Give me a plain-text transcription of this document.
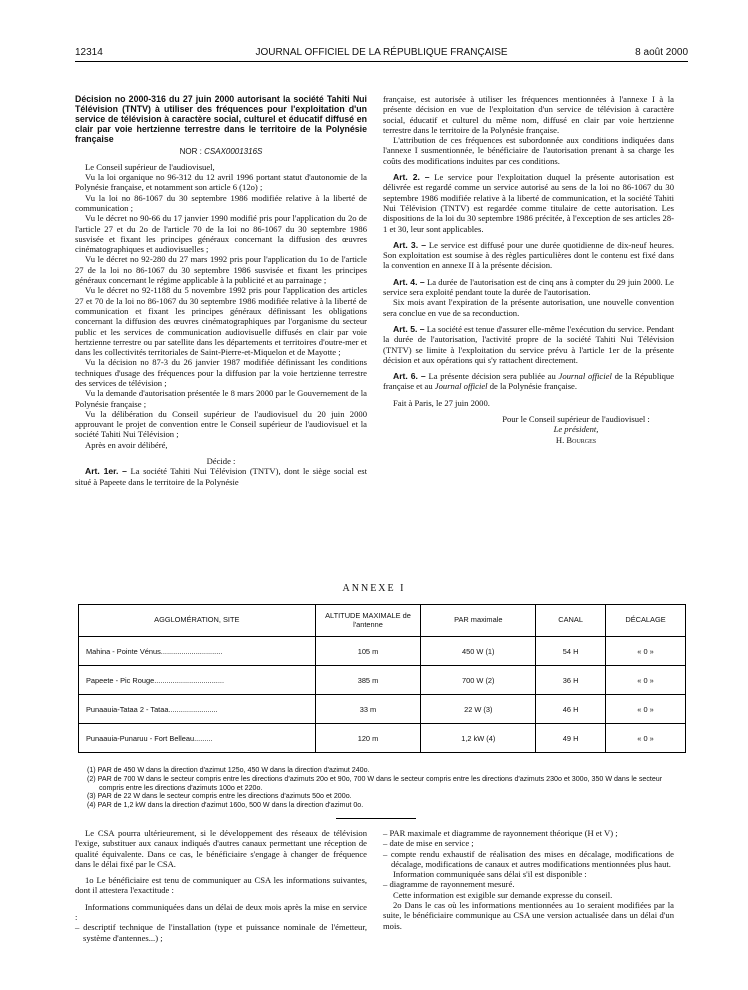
12314	JOURNAL OFFICIEL DE LA RÉPUBLIQUE FRANÇAISE	8 août 2000
Décision no 2000-316 du 27 juin 2000 autorisant la société Tahiti Nui Télévision (TNTV) à utiliser des fréquences pour l'exploitation d'un service de télévision à caractère social, culturel et éducatif diffusé en clair par voie hertzienne terrestre dans le territoire de la Polynésie française
NOR : CSAX0001316S

Le Conseil supérieur de l'audiovisuel,

Vu la loi organique no 96-312 du 12 avril 1996 portant statut d'autonomie de la Polynésie française, et notamment son article 6 (12o) ;

Vu la loi no 86-1067 du 30 septembre 1986 modifiée relative à la liberté de communication ;

Vu le décret no 90-66 du 17 janvier 1990 modifié pris pour l'application du 2o de l'article 27 et du 2o de l'article 70 de la loi no 86-1067 du 30 septembre 1986 susvisée et fixant les principes généraux concernant la diffusion des œuvres cinématographiques et audiovisuelles ;

Vu le décret no 92-280 du 27 mars 1992 pris pour l'application du 1o de l'article 27 de la loi no 86-1067 du 30 septembre 1986 susvisée et fixant les principes généraux concernant le régime applicable à la publicité et au parrainage ;

Vu le décret no 92-1188 du 5 novembre 1992 pris pour l'application des articles 27 et 70 de la loi no 86-1067 du 30 septembre 1986 modifiée relative à la liberté de communication et fixant les principes généraux définissant les obligations concernant la diffusion des œuvres cinématographiques par l'organisme du secteur public et les services de communication audiovisuelle diffusés en clair par voie hertzienne terrestre ou par satellite dans les départements et territoires d'outre-mer et dans les collectivités territoriales de Saint-Pierre-et-Miquelon et de Mayotte ;

Vu la décision no 87-3 du 26 janvier 1987 modifiée définissant les conditions techniques d'usage des fréquences pour la diffusion par la voie hertzienne terrestre des services de télévision ;

Vu la demande d'autorisation présentée le 8 mars 2000 par le Gouvernement de la Polynésie française ;

Vu la délibération du Conseil supérieur de l'audiovisuel du 20 juin 2000 approuvant le projet de convention entre le Conseil supérieur de l'audiovisuel et la société Tahiti Nui Télévision ;

Après en avoir délibéré,

Décide :

Art. 1er. – La société Tahiti Nui Télévision (TNTV), dont le siège social est situé à Papeete dans le territoire de la Polynésie

française, est autorisée à utiliser les fréquences mentionnées à l'annexe I à la présente décision en vue de l'exploitation d'un service de télévision à caractère social, éducatif et culturel du même nom, diffusé en clair par voie hertzienne terrestre dans le territoire de la Polynésie française.

L'attribution de ces fréquences est subordonnée aux conditions indiquées dans l'annexe I susmentionnée, le bénéficiaire de l'autorisation prenant à sa charge les coûts des modifications induites par ces conditions.

Art. 2. – Le service pour l'exploitation duquel la présente autorisation est délivrée est regardé comme un service autorisé au sens de la loi no 86-1067 du 30 septembre 1986 modifiée relative à la liberté de communication, et la société Tahiti Nui Télévision (TNTV) est regardée comme titulaire de cette autorisation. Les dispositions de la loi du 30 septembre 1986 précitée, à l'exception de ses articles 28-1 et 30, leur sont applicables.

Art. 3. – Le service est diffusé pour une durée quotidienne de dix-neuf heures. Son exploitation est soumise à des règles particulières dont le contenu est fixé dans la convention en annexe II à la présente décision.

Art. 4. – La durée de l'autorisation est de cinq ans à compter du 29 juin 2000. Le service sera exploité pendant toute la durée de l'autorisation.

Six mois avant l'expiration de la présente autorisation, une nouvelle convention sera conclue en vue de sa reconduction.

Art. 5. – La société est tenue d'assurer elle-même l'exécution du service. Pendant la durée de l'autorisation, l'activité propre de la société Tahiti Nui Télévision (TNTV) se limite à l'exploitation du service prévu à l'article 1er de la présente décision et aux opérations qui s'y rattachent directement.

Art. 6. – La présente décision sera publiée au Journal officiel de la République française et au Journal officiel de la Polynésie française.

Fait à Paris, le 27 juin 2000.

Pour le Conseil supérieur de l'audiovisuel :
Le président,
H. Bourges
ANNEXE I
AGGLOMÉRATION, SITE	ALTITUDE MAXIMALE de l'antenne	PAR maximale	CANAL	DÉCALAGE
Mahina - Pointe Vénus..............................	105 m	450 W (1)	54 H	« 0 »
Papeete - Pic Rouge..................................	385 m	700 W (2)	36 H	« 0 »
Punaauia-Tataa 2 - Tataa........................	33 m	22 W (3)	46 H	« 0 »
Punaauia-Punaruu - Fort Belleau.........	120 m	1,2 kW (4)	49 H	« 0 »
(1) PAR de 450 W dans la direction d'azimut 125o, 450 W dans la direction d'azimut 240o.
(2) PAR de 700 W dans le secteur compris entre les directions d'azimuts 20o et 90o, 700 W dans le secteur compris entre les directions d'azimuts 230o et 300o, 350 W dans le secteur compris entre les directions d'azimuts 100o et 220o.
(3) PAR de 22 W dans le secteur compris entre les directions d'azimuts 50o et 200o.
(4) PAR de 1,2 kW dans la direction d'azimut 160o, 500 W dans la direction d'azimut 0o.

Le CSA pourra ultérieurement, si le développement des réseaux de télévision l'exige, substituer aux canaux indiqués d'autres canaux permettant une réception de qualité équivalente. Dans ce cas, le bénéficiaire s'engage à changer de fréquence dans le délai fixé par le CSA.

1o Le bénéficiaire est tenu de communiquer au CSA les informations suivantes, dont il attestera l'exactitude :

Informations communiquées dans un délai de deux mois après la mise en service :

– descriptif technique de l'installation (type et puissance nominale de l'émetteur, système d'antennes...) ;

– PAR maximale et diagramme de rayonnement théorique (H et V) ;

– date de mise en service ;

– compte rendu exhaustif de réalisation des mises en décalage, modifications de décalage, modifications de canaux et autres modifications mentionnées plus haut.

Information communiquée sans délai s'il est disponible :

– diagramme de rayonnement mesuré.

Cette information est exigible sur demande expresse du conseil.

2o Dans le cas où les informations mentionnées au 1o seraient modifiées par la suite, le bénéficiaire communique au CSA une version actualisée dans un délai d'un mois.
